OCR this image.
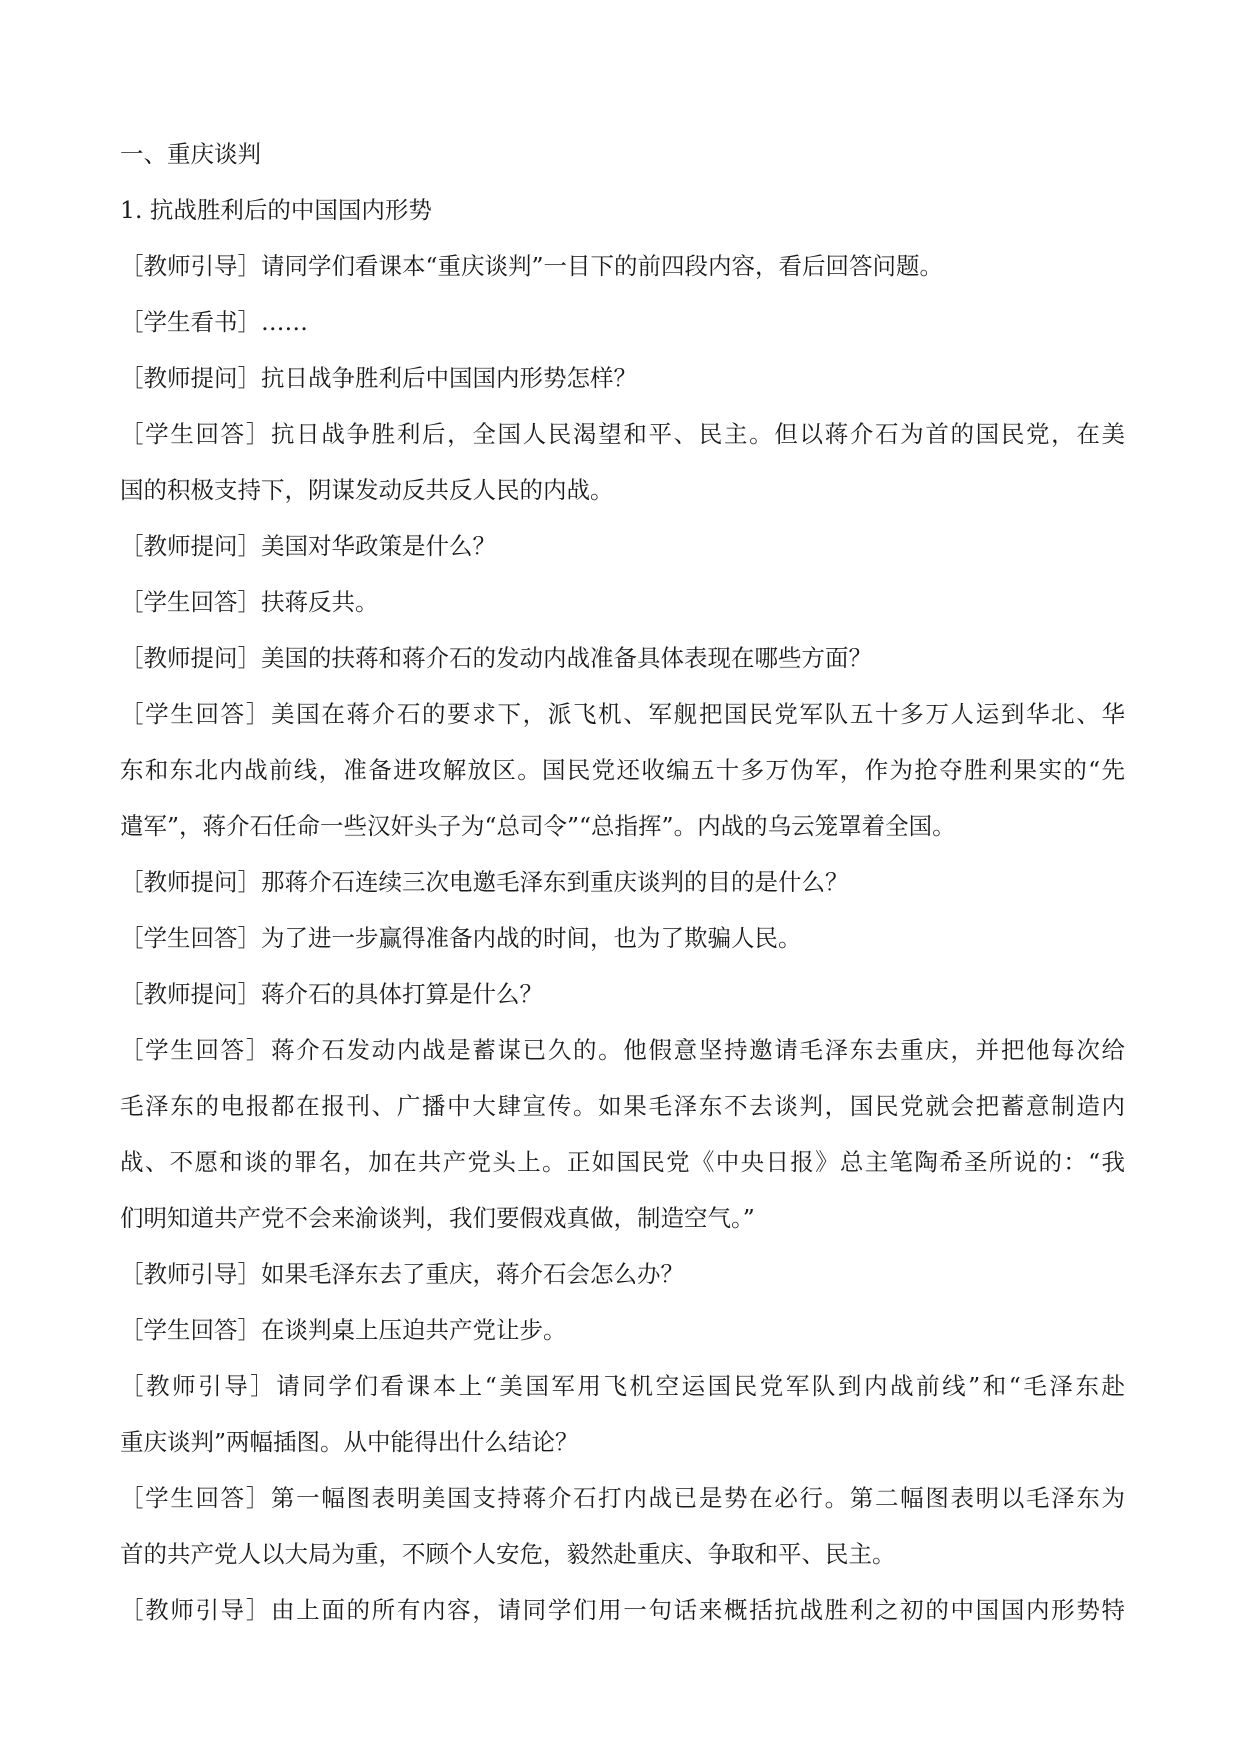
一、重庆谈判
1. 抗战胜利后的中国国内形势
［教师引导］请同学们看课本“重庆谈判”一目下的前四段内容，看后回答问题。
［学生看书］……
［教师提问］抗日战争胜利后中国国内形势怎样？
［学生回答］抗日战争胜利后，全国人民渴望和平、民主。但以蒋介石为首的国民党，在美
国的积极支持下，阴谋发动反共反人民的内战。
［教师提问］美国对华政策是什么？
［学生回答］扶蒋反共。
［教师提问］美国的扶蒋和蒋介石的发动内战准备具体表现在哪些方面？
［学生回答］美国在蒋介石的要求下，派飞机、军舰把国民党军队五十多万人运到华北、华
东和东北内战前线，准备进攻解放区。国民党还收编五十多万伪军，作为抢夺胜利果实的“先
遣军”，蒋介石任命一些汉奸头子为“总司令”“总指挥”。内战的乌云笼罩着全国。
［教师提问］那蒋介石连续三次电邀毛泽东到重庆谈判的目的是什么？
［学生回答］为了进一步赢得准备内战的时间，也为了欺骗人民。
［教师提问］蒋介石的具体打算是什么？
［学生回答］蒋介石发动内战是蓄谋已久的。他假意坚持邀请毛泽东去重庆，并把他每次给
毛泽东的电报都在报刊、广播中大肆宣传。如果毛泽东不去谈判，国民党就会把蓄意制造内
战、不愿和谈的罪名，加在共产党头上。正如国民党《中央日报》总主笔陶希圣所说的：“我
们明知道共产党不会来渝谈判，我们要假戏真做，制造空气。”
［教师引导］如果毛泽东去了重庆，蒋介石会怎么办？
［学生回答］在谈判桌上压迫共产党让步。
［教师引导］请同学们看课本上“美国军用飞机空运国民党军队到内战前线”和“毛泽东赴
重庆谈判”两幅插图。从中能得出什么结论？
［学生回答］第一幅图表明美国支持蒋介石打内战已是势在必行。第二幅图表明以毛泽东为
首的共产党人以大局为重，不顾个人安危，毅然赴重庆、争取和平、民主。
［教师引导］由上面的所有内容，请同学们用一句话来概括抗战胜利之初的中国国内形势特
